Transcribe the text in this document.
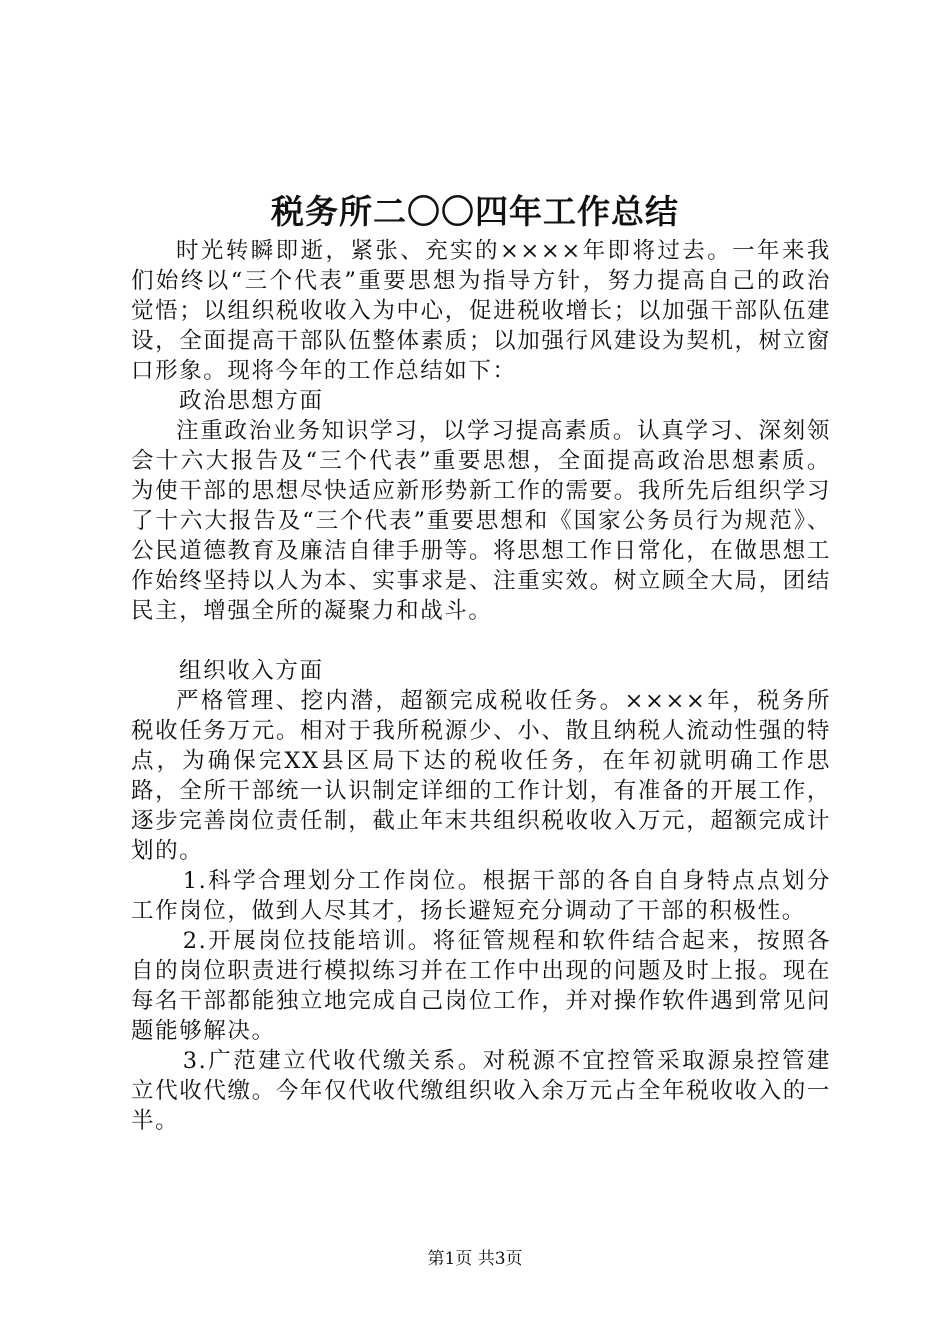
税务所二〇〇四年工作总结

时光转瞬即逝，紧张、充实的××××年即将过去。一年来我们始终以“三个代表”重要思想为指导方针，努力提高自己的政治觉悟；以组织税收收入为中心，促进税收增长；以加强干部队伍建设，全面提高干部队伍整体素质；以加强行风建设为契机，树立窗口形象。现将今年的工作总结如下：

政治思想方面

注重政治业务知识学习，以学习提高素质。认真学习、深刻领会十六大报告及“三个代表”重要思想，全面提高政治思想素质。为使干部的思想尽快适应新形势新工作的需要。我所先后组织学习了十六大报告及“三个代表”重要思想和《国家公务员行为规范》、公民道德教育及廉洁自律手册等。将思想工作日常化，在做思想工作始终坚持以人为本、实事求是、注重实效。树立顾全大局，团结民主，增强全所的凝聚力和战斗。

组织收入方面

严格管理、挖内潜，超额完成税收任务。××××年，税务所税收任务万元。相对于我所税源少、小、散且纳税人流动性强的特点，为确保完XX县区局下达的税收任务，在年初就明确工作思路，全所干部统一认识制定详细的工作计划，有准备的开展工作，逐步完善岗位责任制，截止年末共组织税收收入万元，超额完成计划的。

1.科学合理划分工作岗位。根据干部的各自自身特点点划分工作岗位，做到人尽其才，扬长避短充分调动了干部的积极性。

2.开展岗位技能培训。将征管规程和软件结合起来，按照各自的岗位职责进行模拟练习并在工作中出现的问题及时上报。现在每名干部都能独立地完成自己岗位工作，并对操作软件遇到常见问题能够解决。

3.广范建立代收代缴关系。对税源不宜控管采取源泉控管建立代收代缴。今年仅代收代缴组织收入余万元占全年税收收入的一半。

第1页 共3页
